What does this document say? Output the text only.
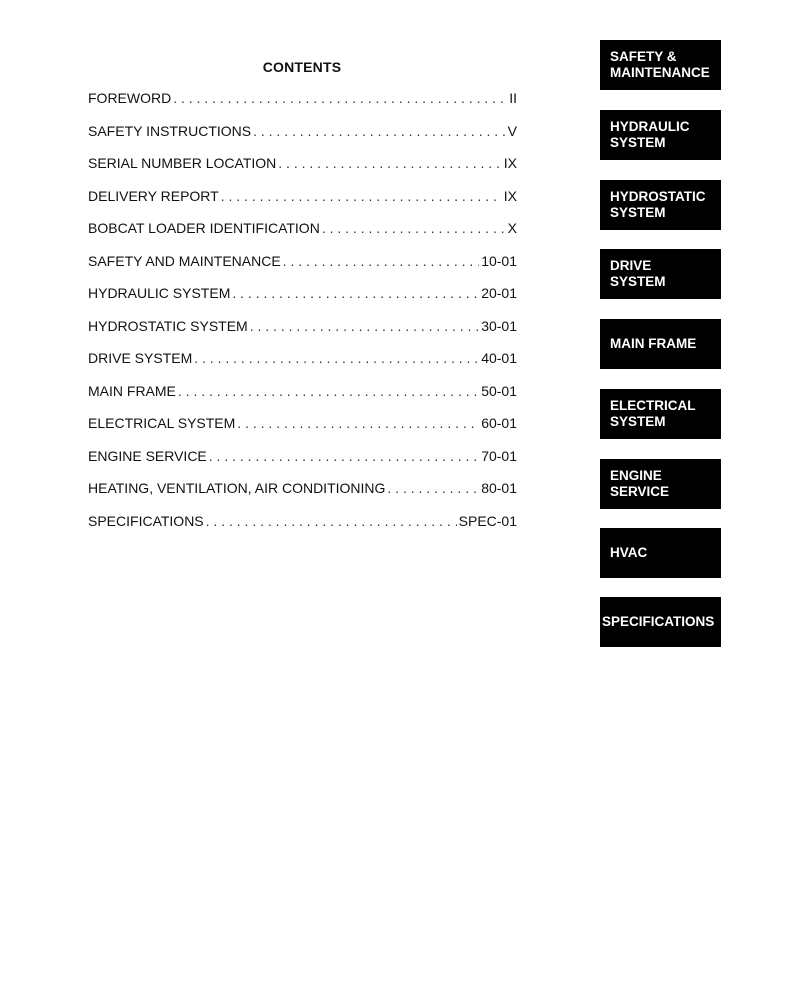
CONTENTS
FOREWORD . . .	II
SAFETY INSTRUCTIONS . . .	V
SERIAL NUMBER LOCATION . . .	IX
DELIVERY REPORT . . .	IX
BOBCAT LOADER IDENTIFICATION . . .	X
SAFETY AND MAINTENANCE . . .	10-01
HYDRAULIC SYSTEM . . .	20-01
HYDROSTATIC SYSTEM . . .	30-01
DRIVE SYSTEM . . .	40-01
MAIN FRAME . . .	50-01
ELECTRICAL SYSTEM . . .	60-01
ENGINE SERVICE . . .	70-01
HEATING, VENTILATION, AIR CONDITIONING . . .	80-01
SPECIFICATIONS . . .	SPEC-01
SAFETY &
MAINTENANCE
HYDRAULIC
SYSTEM
HYDROSTATIC
SYSTEM
DRIVE
SYSTEM
MAIN FRAME
ELECTRICAL
SYSTEM
ENGINE
SERVICE
HVAC
SPECIFICATIONS
